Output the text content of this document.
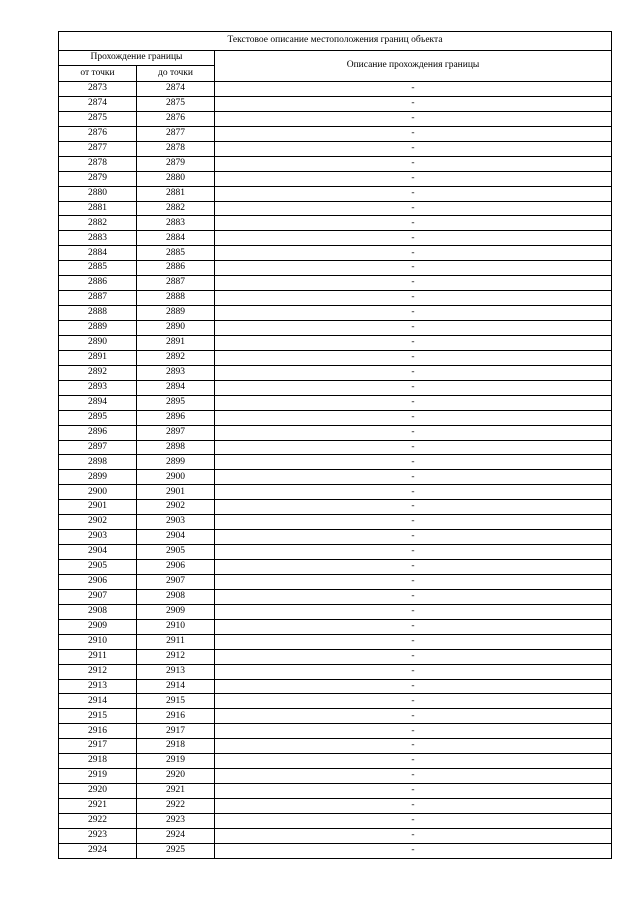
Текстовое описание местоположения границ объекта		
Прохождение границы		Описание прохождения границы
от точки	до точки	
2873	2874	-
2874	2875	-
2875	2876	-
2876	2877	-
2877	2878	-
2878	2879	-
2879	2880	-
2880	2881	-
2881	2882	-
2882	2883	-
2883	2884	-
2884	2885	-
2885	2886	-
2886	2887	-
2887	2888	-
2888	2889	-
2889	2890	-
2890	2891	-
2891	2892	-
2892	2893	-
2893	2894	-
2894	2895	-
2895	2896	-
2896	2897	-
2897	2898	-
2898	2899	-
2899	2900	-
2900	2901	-
2901	2902	-
2902	2903	-
2903	2904	-
2904	2905	-
2905	2906	-
2906	2907	-
2907	2908	-
2908	2909	-
2909	2910	-
2910	2911	-
2911	2912	-
2912	2913	-
2913	2914	-
2914	2915	-
2915	2916	-
2916	2917	-
2917	2918	-
2918	2919	-
2919	2920	-
2920	2921	-
2921	2922	-
2922	2923	-
2923	2924	-
2924	2925	-
